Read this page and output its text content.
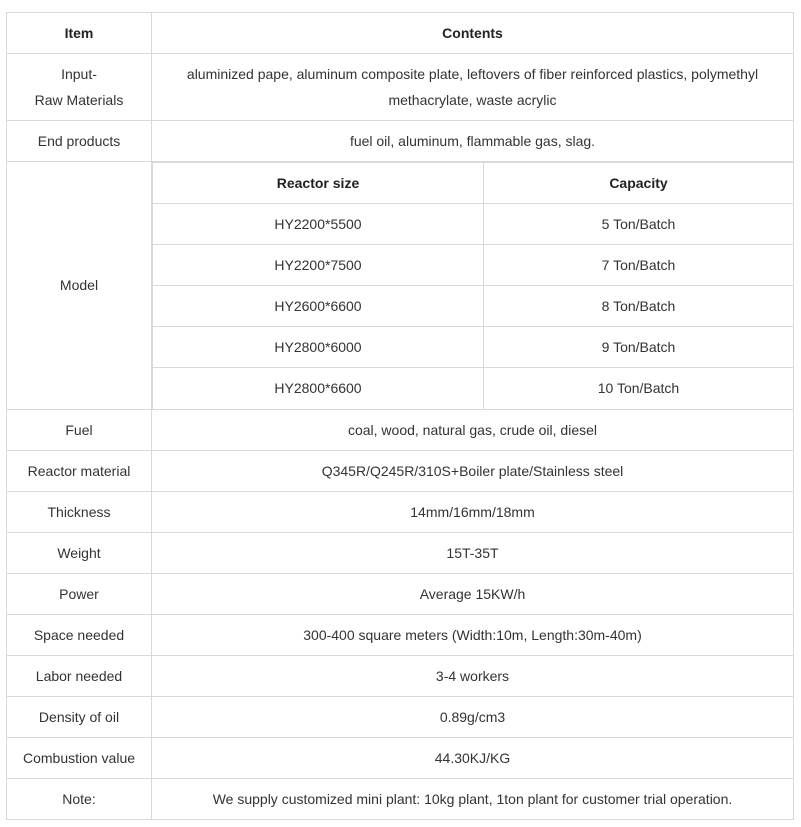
Item	Contents
Input-
Raw Materials	aluminized pape, aluminum composite plate, leftovers of fiber reinforced plastics, polymethyl methacrylate, waste acrylic
End products	fuel oil, aluminum, flammable gas, slag.
Model	
Reactor size	Capacity
HY2200*5500	5 Ton/Batch
HY2200*7500	7 Ton/Batch
HY2600*6600	8 Ton/Batch
HY2800*6000	9 Ton/Batch
HY2800*6600	10 Ton/Batch

Fuel	coal, wood, natural gas, crude oil, diesel
Reactor material	Q345R/Q245R/310S+Boiler plate/Stainless steel
Thickness	14mm/16mm/18mm
Weight	15T-35T
Power	Average 15KW/h
Space needed	300-400 square meters (Width:10m, Length:30m-40m)
Labor needed	3-4 workers
Density of oil	0.89g/cm3
Combustion value	44.30KJ/KG
Note:	We supply customized mini plant: 10kg plant, 1ton plant for customer trial operation.
